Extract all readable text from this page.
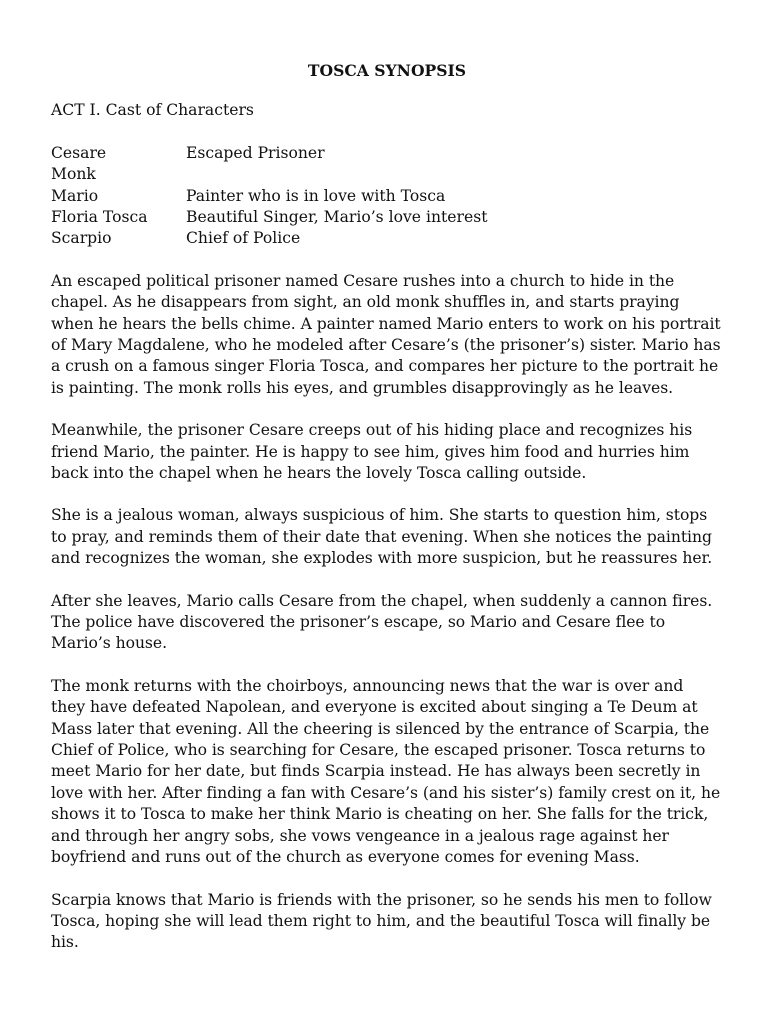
TOSCA SYNOPSIS
ACT I. Cast of Characters
Cesare	Escaped Prisoner
Monk
Mario	Painter who is in love with Tosca
Floria Tosca	Beautiful Singer, Mario’s love interest
Scarpio	Chief of Police

An escaped political prisoner named Cesare rushes into a church to hide in the chapel. As he disappears from sight, an old monk shuffles in, and starts praying when he hears the bells chime. A painter named Mario enters to work on his portrait of Mary Magdalene, who he modeled after Cesare’s (the prisoner’s) sister. Mario has a crush on a famous singer Floria Tosca, and compares her picture to the portrait he is painting. The monk rolls his eyes, and grumbles disapprovingly as he leaves.

Meanwhile, the prisoner Cesare creeps out of his hiding place and recognizes his friend Mario, the painter. He is happy to see him, gives him food and hurries him back into the chapel when he hears the lovely Tosca calling outside.

She is a jealous woman, always suspicious of him. She starts to question him, stops to pray, and reminds them of their date that evening. When she notices the painting and recognizes the woman, she explodes with more suspicion, but he reassures her.

After she leaves, Mario calls Cesare from the chapel, when suddenly a cannon fires. The police have discovered the prisoner’s escape, so Mario and Cesare flee to Mario’s house.

The monk returns with the choirboys, announcing news that the war is over and they have defeated Napolean, and everyone is excited about singing a Te Deum at Mass later that evening. All the cheering is silenced by the entrance of Scarpia, the Chief of Police, who is searching for Cesare, the escaped prisoner. Tosca returns to meet Mario for her date, but finds Scarpia instead. He has always been secretly in love with her. After finding a fan with Cesare’s (and his sister’s) family crest on it, he shows it to Tosca to make her think Mario is cheating on her. She falls for the trick, and through her angry sobs, she vows vengeance in a jealous rage against her boyfriend and runs out of the church as everyone comes for evening Mass.

Scarpia knows that Mario is friends with the prisoner, so he sends his men to follow Tosca, hoping she will lead them right to him, and the beautiful Tosca will finally be his.
